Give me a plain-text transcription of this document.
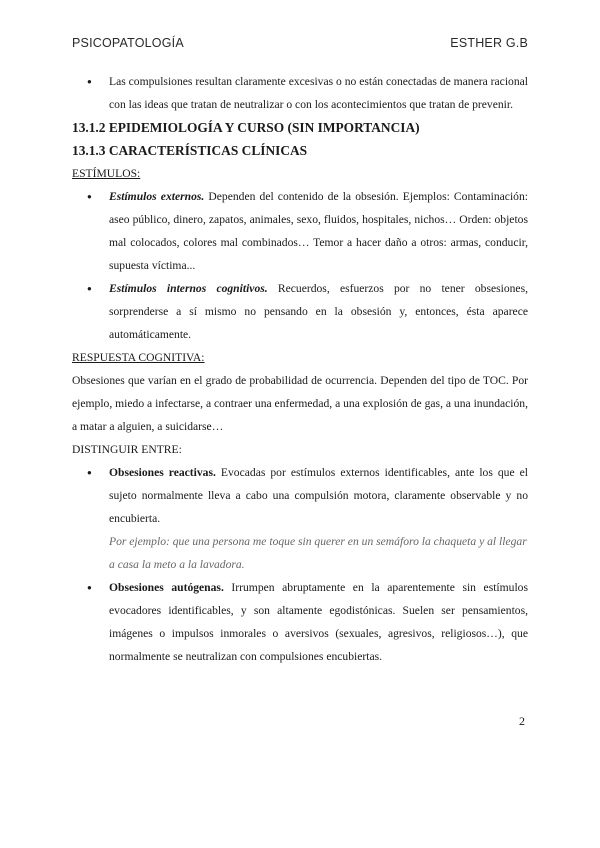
PSICOPATOLOGÍA	ESTHER G.B
● Las compulsiones resultan claramente excesivas o no están conectadas de manera racional con las ideas que tratan de neutralizar o con los acontecimientos que tratan de prevenir.

13.1.2 EPIDEMIOLOGÍA Y CURSO (SIN IMPORTANCIA)

13.1.3 CARACTERÍSTICAS CLÍNICAS

ESTÍMULOS:
● Estímulos externos. Dependen del contenido de la obsesión. Ejemplos: Contaminación: aseo público, dinero, zapatos, animales, sexo, fluidos, hospitales, nichos… Orden: objetos mal colocados, colores mal combinados… Temor a hacer daño a otros: armas, conducir, supuesta víctima...
● Estímulos internos cognitivos. Recuerdos, esfuerzos por no tener obsesiones, sorprenderse a sí mismo no pensando en la obsesión y, entonces, ésta aparece automáticamente.
RESPUESTA COGNITIVA:
Obsesiones que varían en el grado de probabilidad de ocurrencia. Dependen del tipo de TOC. Por ejemplo, miedo a infectarse, a contraer una enfermedad, a una explosión de gas, a una inundación, a matar a alguien, a suicidarse…
DISTINGUIR ENTRE:
● Obsesiones reactivas. Evocadas por estímulos externos identificables, ante los que el sujeto normalmente lleva a cabo una compulsión motora, claramente observable y no encubierta.
Por ejemplo: que una persona me toque sin querer en un semáforo la chaqueta y al llegar a casa la meto a la lavadora.
● Obsesiones autógenas. Irrumpen abruptamente en la aparentemente sin estímulos evocadores identificables, y son altamente egodistónicas. Suelen ser pensamientos, imágenes o impulsos inmorales o aversivos (sexuales, agresivos, religiosos…), que normalmente se neutralizan con compulsiones encubiertas.
2
